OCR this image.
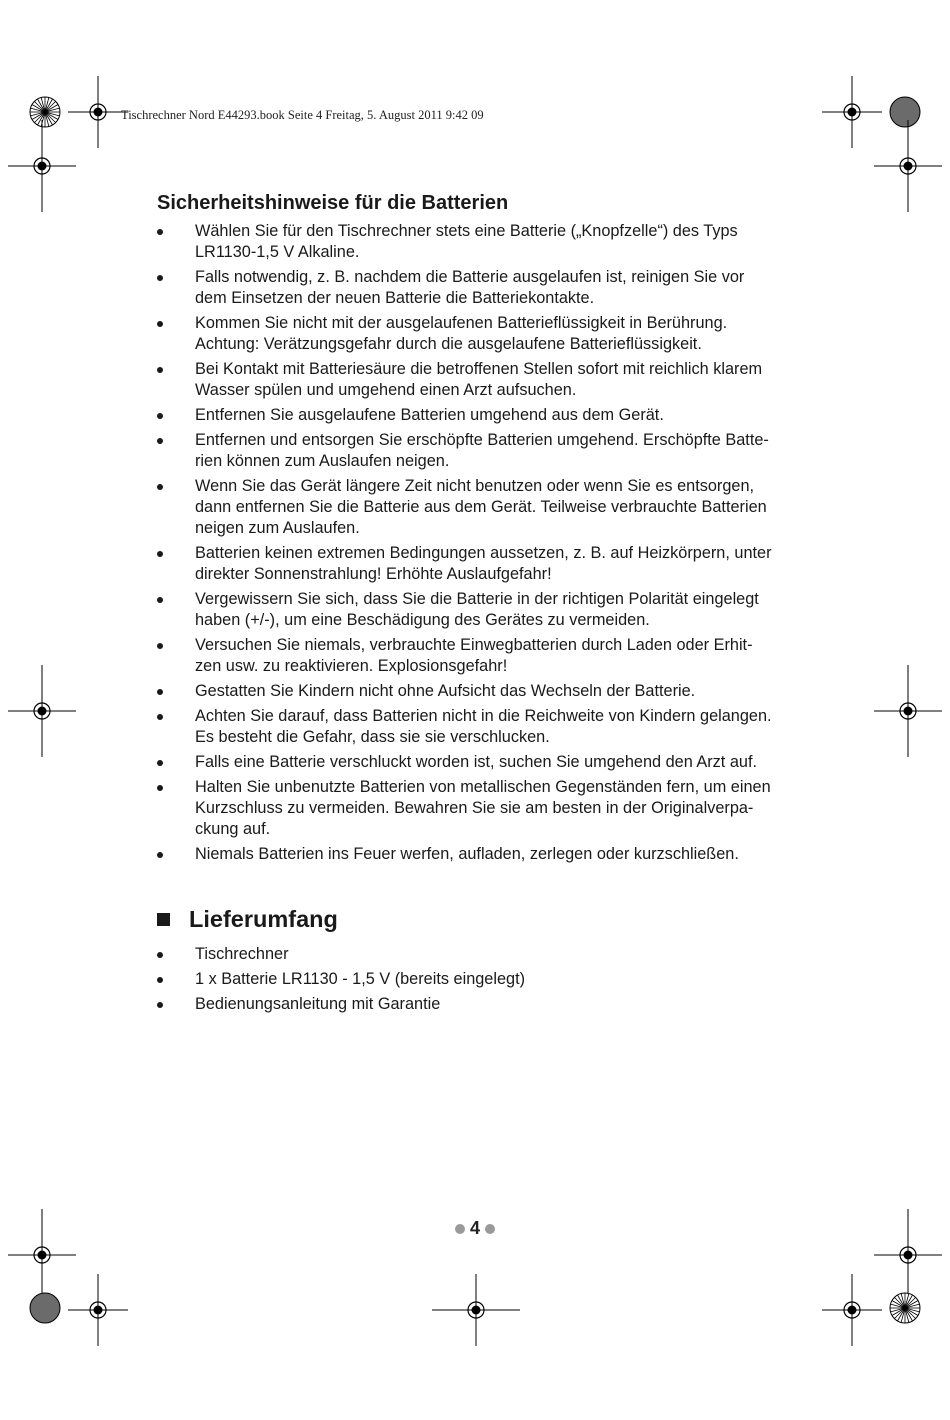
Tischrechner Nord E44293.book Seite 4 Freitag, 5. August 2011 9:42 09
Sicherheitshinweise für die Batterien
Wählen Sie für den Tischrechner stets eine Batterie („Knopfzelle“) des Typs
LR1130-1,5 V Alkaline.
Falls notwendig, z. B. nachdem die Batterie ausgelaufen ist, reinigen Sie vor
dem Einsetzen der neuen Batterie die Batteriekontakte.
Kommen Sie nicht mit der ausgelaufenen Batterieflüssigkeit in Berührung.
Achtung: Verätzungsgefahr durch die ausgelaufene Batterieflüssigkeit.
Bei Kontakt mit Batteriesäure die betroffenen Stellen sofort mit reichlich klarem
Wasser spülen und umgehend einen Arzt aufsuchen.
Entfernen Sie ausgelaufene Batterien umgehend aus dem Gerät.
Entfernen und entsorgen Sie erschöpfte Batterien umgehend. Erschöpfte Batte-
rien können zum Auslaufen neigen.
Wenn Sie das Gerät längere Zeit nicht benutzen oder wenn Sie es entsorgen,
dann entfernen Sie die Batterie aus dem Gerät. Teilweise verbrauchte Batterien
neigen zum Auslaufen.
Batterien keinen extremen Bedingungen aussetzen, z. B. auf Heizkörpern, unter
direkter Sonnenstrahlung! Erhöhte Auslaufgefahr!
Vergewissern Sie sich, dass Sie die Batterie in der richtigen Polarität eingelegt
haben (+/-), um eine Beschädigung des Gerätes zu vermeiden.
Versuchen Sie niemals, verbrauchte Einwegbatterien durch Laden oder Erhit-
zen usw. zu reaktivieren. Explosionsgefahr!
Gestatten Sie Kindern nicht ohne Aufsicht das Wechseln der Batterie.
Achten Sie darauf, dass Batterien nicht in die Reichweite von Kindern gelangen.
Es besteht die Gefahr, dass sie sie verschlucken.
Falls eine Batterie verschluckt worden ist, suchen Sie umgehend den Arzt auf.
Halten Sie unbenutzte Batterien von metallischen Gegenständen fern, um einen
Kurzschluss zu vermeiden. Bewahren Sie sie am besten in der Originalverpa-
ckung auf.
Niemals Batterien ins Feuer werfen, aufladen, zerlegen oder kurzschließen.
Lieferumfang
Tischrechner
1 x Batterie LR1130 - 1,5 V (bereits eingelegt)
Bedienungsanleitung mit Garantie
4
